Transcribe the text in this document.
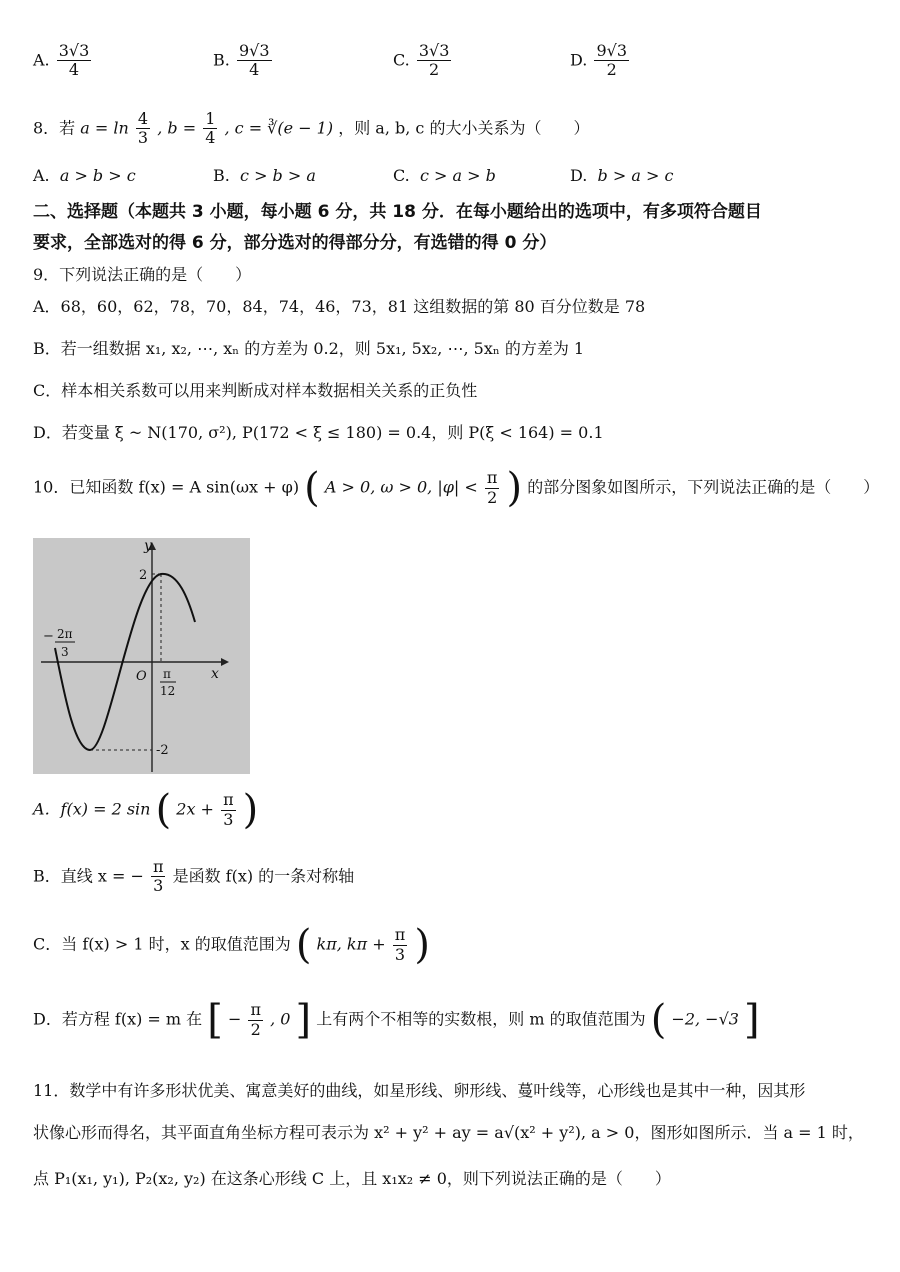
A. $\frac{3√3}{4}$	B. $\frac{9√3}{4}$	C. $\frac{3√3}{2}$	D. $\frac{9√3}{2}$
8．若 $a = \ln \frac{4}{3}$ , $b = \frac{1}{4}$ , c = ∛(e − 1) ，则 a, b, c 的大小关系为（　　）
A. a > b > c	B. c > b > a	C. c > a > b	D. b > a > c
二、选择题（本题共 3 小题，每小题 6 分，共 18 分．在每小题给出的选项中，有多项符合题目
要求，全部选对的得 6 分，部分选对的得部分分，有选错的得 0 分）
9．下列说法正确的是（　　）
A．68，60，62，78，70，84，74，46，73，81 这组数据的第 80 百分位数是 78
B．若一组数据 x₁, x₂, ⋯, xₙ 的方差为 0.2，则 5x₁, 5x₂, ⋯, 5xₙ 的方差为 1
C．样本相关系数可以用来判断成对样本数据相关关系的正负性
D．若变量 ξ ~ N(170, σ²), P(172 < ξ ≤ 180) = 0.4，则 P(ξ < 164) = 0.1
10．已知函数 f(x) = A sin(ωx + φ) ( A > 0, ω > 0, $|\varphi| < \frac{\pi}{2}$ ) 的部分图象如图所示，下列说法正确的是（　　）
y
x
O
2
-2
− 2π
3
π
12
A．f(x) = 2 sin ( $2x + \frac{\pi}{3}$ )
B．直线 x = − $\frac{\pi}{3}$ 是函数 f(x) 的一条对称轴
C．当 f(x) > 1 时，x 的取值范围为 ( kπ, $k\pi + \frac{\pi}{3}$ )
D．若方程 f(x) = m 在 [ − $\frac{\pi}{2}$ , 0 ] 上有两个不相等的实数根，则 m 的取值范围为 ( −2, −√3 ]
11．数学中有许多形状优美、寓意美好的曲线，如星形线、卵形线、蔓叶线等，心形线也是其中一种，因其形
状像心形而得名，其平面直角坐标方程可表示为 x² + y² + ay = a√(x² + y²), a > 0，图形如图所示．当 a = 1 时，
点 P₁(x₁, y₁), P₂(x₂, y₂) 在这条心形线 C 上，且 x₁x₂ ≠ 0，则下列说法正确的是（　　）
